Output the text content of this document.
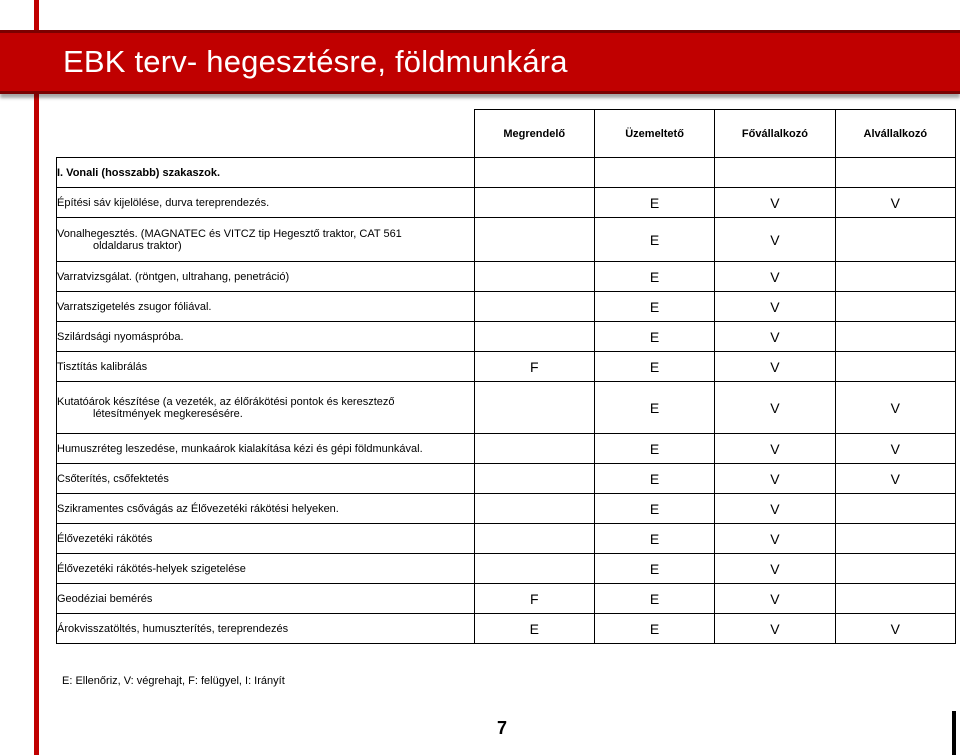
EBK terv- hegesztésre, földmunkára
	Megrendelő	Üzemeltető	Fővállalkozó	Alvállalkozó
I. Vonali (hosszabb) szakaszok.				

Építési sáv kijelölése, durva tereprendezés.		E	V	V

Vonalhegesztés. (MAGNATEC és VITCZ tip Hegesztő traktor, CAT 561
oldaldarus traktor)		E	V	

Varratvizsgálat. (röntgen, ultrahang, penetráció)		E	V	

Varratszigetelés zsugor fóliával.		E	V	

Szilárdsági nyomáspróba.		E	V	

Tisztítás kalibrálás	F	E	V	

Kutatóárok készítése (a vezeték, az élőrákötési pontok és keresztező
létesítmények megkeresésére.		E	V	V

Humuszréteg leszedése, munkaárok kialakítása kézi és gépi földmunkával.		E	V	V

Csőterítés, csőfektetés		E	V	V

Szikramentes csővágás az Élővezetéki rákötési helyeken.		E	V	

Élővezetéki rákötés		E	V	

Élővezetéki rákötés-helyek szigetelése		E	V	

Geodéziai bemérés	F	E	V	

Árokvisszatöltés, humuszterítés, tereprendezés	E	E	V	V
E: Ellenőriz, V: végrehajt, F: felügyel, I: Irányít
7
